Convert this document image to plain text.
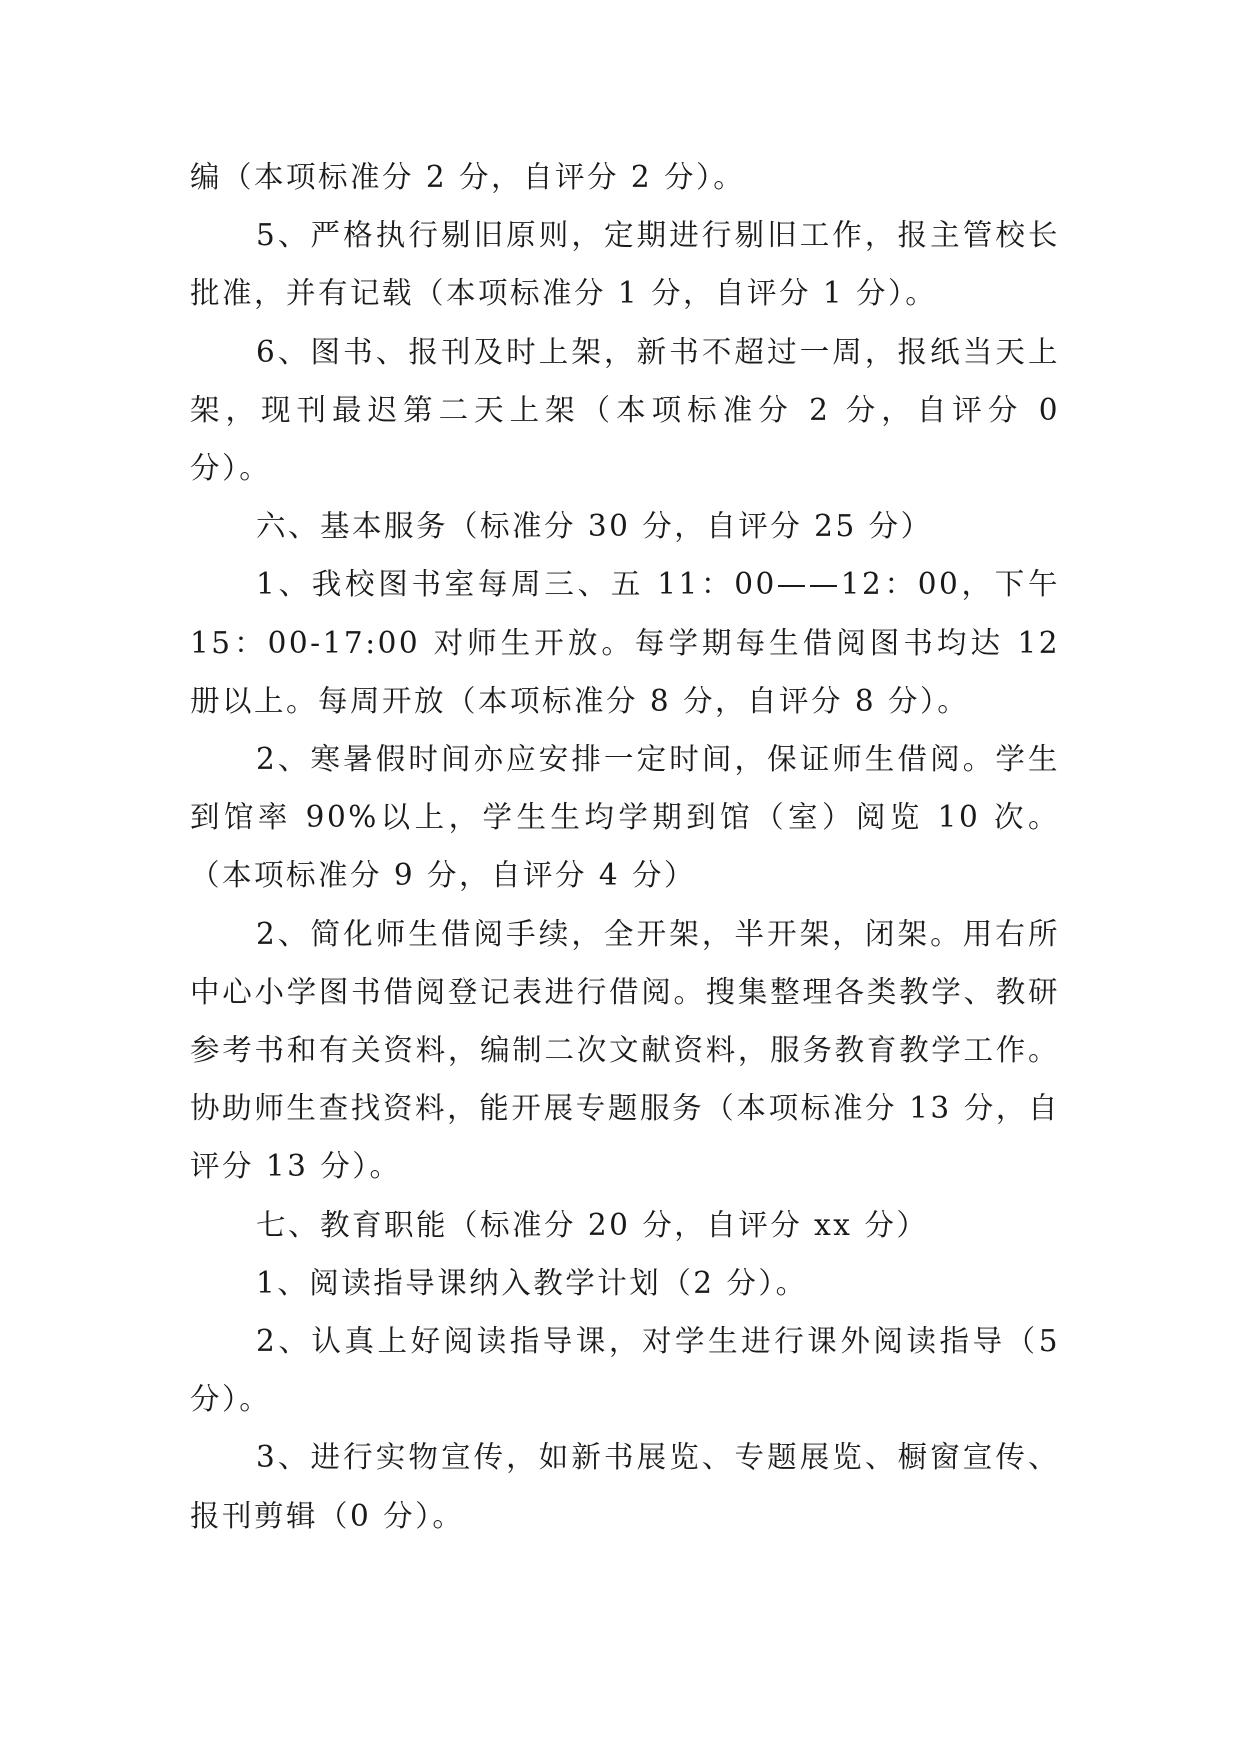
编（本项标准分 2 分，自评分 2 分）。

5、严格执行剔旧原则，定期进行剔旧工作，报主管校长批准，并有记载（本项标准分 1 分，自评分 1 分）。

6、图书、报刊及时上架，新书不超过一周，报纸当天上架，现刊最迟第二天上架（本项标准分 2 分，自评分 0 分）。

六、基本服务（标准分 30 分，自评分 25 分）

1、我校图书室每周三、五 11：00——12：00，下午 15：00-17:00 对师生开放。每学期每生借阅图书均达 12 册以上。每周开放（本项标准分 8 分，自评分 8 分）。

2、寒暑假时间亦应安排一定时间，保证师生借阅。学生到馆率 90%以上，学生生均学期到馆（室）阅览 10 次。（本项标准分 9 分，自评分 4 分）

2、简化师生借阅手续，全开架，半开架，闭架。用右所中心小学图书借阅登记表进行借阅。搜集整理各类教学、教研参考书和有关资料，编制二次文献资料，服务教育教学工作。协助师生查找资料，能开展专题服务（本项标准分 13 分，自评分 13 分）。

七、教育职能（标准分 20 分，自评分 xx 分）

1、阅读指导课纳入教学计划（2 分）。

2、认真上好阅读指导课，对学生进行课外阅读指导（5 分）。

3、进行实物宣传，如新书展览、专题展览、橱窗宣传、报刊剪辑（0 分）。
